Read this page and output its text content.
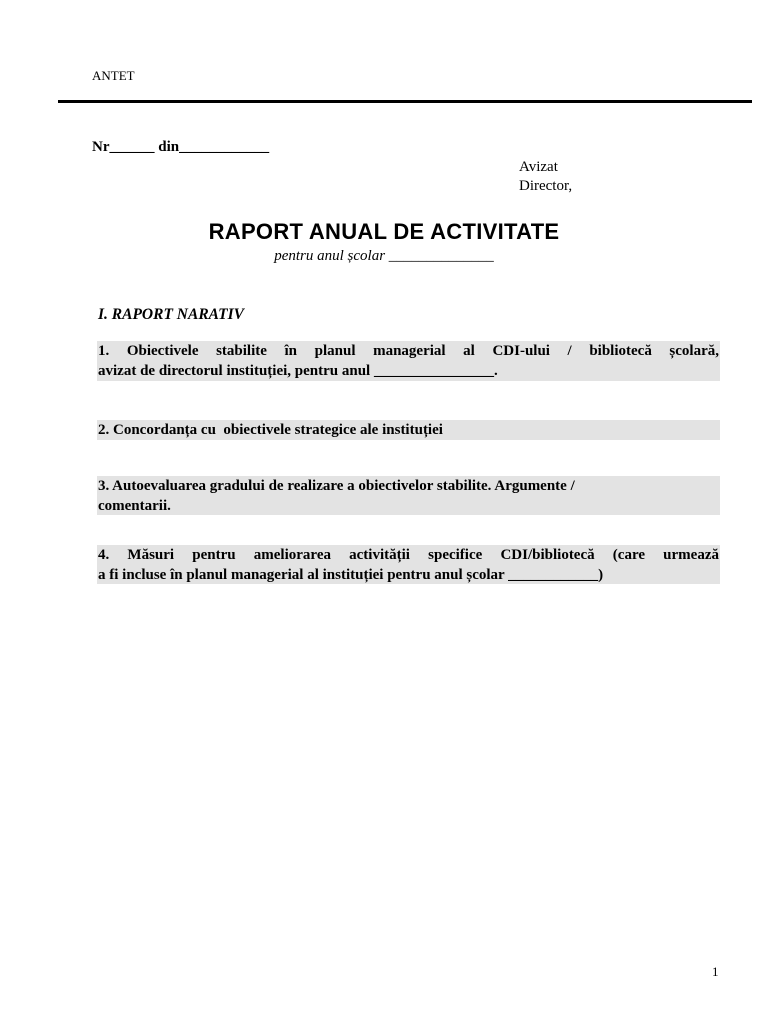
ANTET
Nr______ din____________
Avizat
Director,
RAPORT ANUAL DE ACTIVITATE
pentru anul școlar ______________
I. RAPORT NARATIV
1. Obiectivele stabilite în planul managerial al CDI-ului / bibliotecă școlară,
avizat de directorul instituției, pentru anul ________________.
2. Concordanța cu  obiectivele strategice ale instituției
3. Autoevaluarea gradului de realizare a obiectivelor stabilite. Argumente /
comentarii.
4. Măsuri pentru ameliorarea activității specifice CDI/bibliotecă (care urmează
a fi incluse în planul managerial al instituției pentru anul școlar ____________)
1
